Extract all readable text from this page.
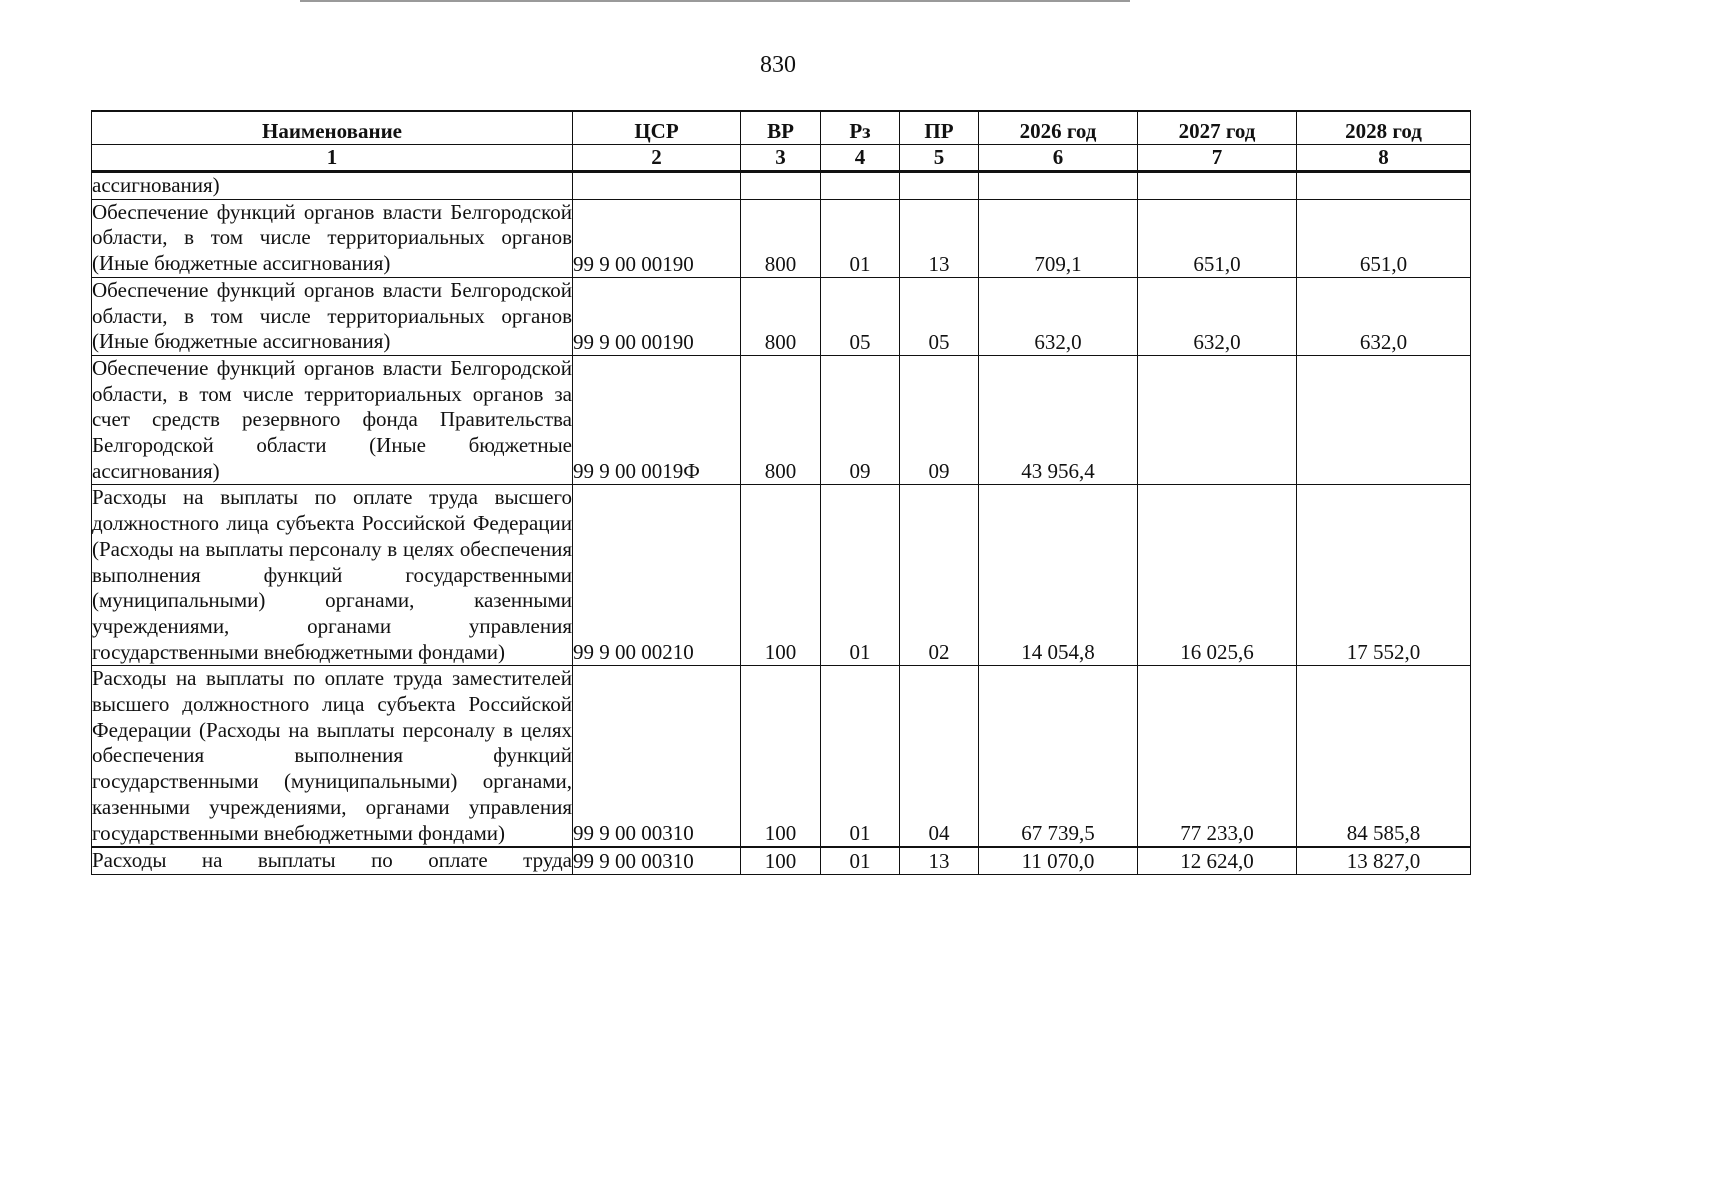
830
Наименование	ЦСР	ВР	Рз	ПР	2026 год	2027 год	2028 год
1	2	3	4	5	6	7	8
ассигнования)							
Обеспечение функций органов власти Белгородской области, в том числе территориальных органов (Иные бюджетные ассигнования)	99 9 00 00190	800	01	13	709,1	651,0	651,0
Обеспечение функций органов власти Белгородской области, в том числе территориальных органов (Иные бюджетные ассигнования)	99 9 00 00190	800	05	05	632,0	632,0	632,0
Обеспечение функций органов власти Белгородской области, в том числе территориальных органов за счет средств резервного фонда Правительства Белгородской области (Иные бюджетные ассигнования)	99 9 00 0019Ф	800	09	09	43 956,4		
Расходы на выплаты по оплате труда высшего должностного лица субъекта Российской Федерации (Расходы на выплаты персоналу в целях обеспечения выполнения функций государственными (муниципальными) органами, казенными учреждениями, органами управления государственными внебюджетными фондами)	99 9 00 00210	100	01	02	14 054,8	16 025,6	17 552,0
Расходы на выплаты по оплате труда заместителей высшего должностного лица субъекта Российской Федерации (Расходы на выплаты персоналу в целях обеспечения выполнения функций государственными (муниципальными) органами, казенными учреждениями, органами управления государственными внебюджетными фондами)	99 9 00 00310	100	01	04	67 739,5	77 233,0	84 585,8
Расходы на выплаты по оплате труда	99 9 00 00310	100	01	13	11 070,0	12 624,0	13 827,0
